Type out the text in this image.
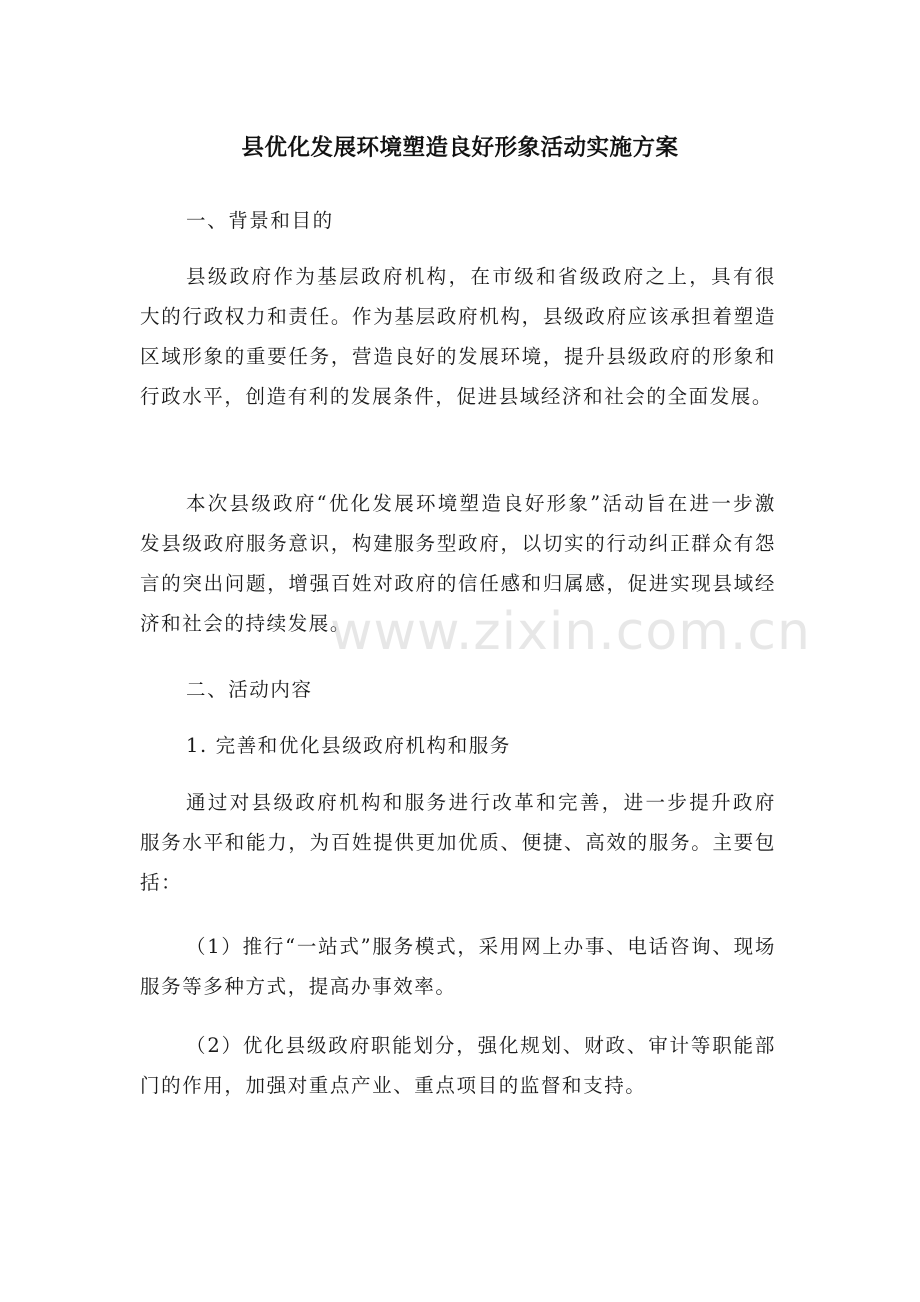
县优化发展环境塑造良好形象活动实施方案

一、背景和目的

县级政府作为基层政府机构，在市级和省级政府之上，具有很大的行政权力和责任。作为基层政府机构，县级政府应该承担着塑造区域形象的重要任务，营造良好的发展环境，提升县级政府的形象和行政水平，创造有利的发展条件，促进县域经济和社会的全面发展。

本次县级政府“优化发展环境塑造良好形象”活动旨在进一步激发县级政府服务意识，构建服务型政府，以切实的行动纠正群众有怨言的突出问题，增强百姓对政府的信任感和归属感，促进实现县域经济和社会的持续发展。

二、活动内容

1. 完善和优化县级政府机构和服务

通过对县级政府机构和服务进行改革和完善，进一步提升政府服务水平和能力，为百姓提供更加优质、便捷、高效的服务。主要包括：

（1）推行“一站式”服务模式，采用网上办事、电话咨询、现场服务等多种方式，提高办事效率。

（2）优化县级政府职能划分，强化规划、财政、审计等职能部门的作用，加强对重点产业、重点项目的监督和支持。

www.zixin.com.cn
